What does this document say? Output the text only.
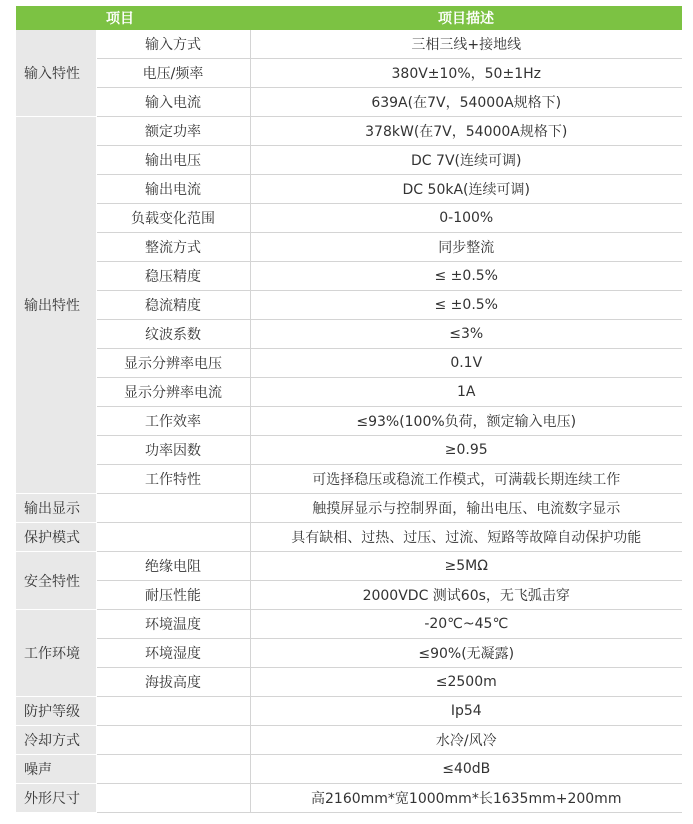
项目		项目描述
输入特性	输入方式	三相三线+接地线
	电压/频率	380V±10%，50±1Hz
	输入电流	639A(在7V，54000A规格下)
输出特性	额定功率	378kW(在7V，54000A规格下)
	输出电压	DC 7V(连续可调)
	输出电流	DC 50kA(连续可调)
	负载变化范围	0-100%
	整流方式	同步整流
	稳压精度	≤ ±0.5%
	稳流精度	≤ ±0.5%
	纹波系数	≤3%
	显示分辨率电压	0.1V
	显示分辨率电流	1A
	工作效率	≤93%(100%负荷，额定输入电压)
	功率因数	≥0.95
	工作特性	可选择稳压或稳流工作模式，可满载长期连续工作
输出显示		触摸屏显示与控制界面，输出电压、电流数字显示
保护模式		具有缺相、过热、过压、过流、短路等故障自动保护功能
安全特性	绝缘电阻	≥5MΩ
	耐压性能	2000VDC 测试60s，无飞弧击穿
工作环境	环境温度	-20℃~45℃
	环境湿度	≤90%(无凝露)
	海拔高度	≤2500m
防护等级		Ip54
冷却方式		水冷/风冷
噪声		≤40dB
外形尺寸		高2160mm*宽1000mm*长1635mm+200mm
